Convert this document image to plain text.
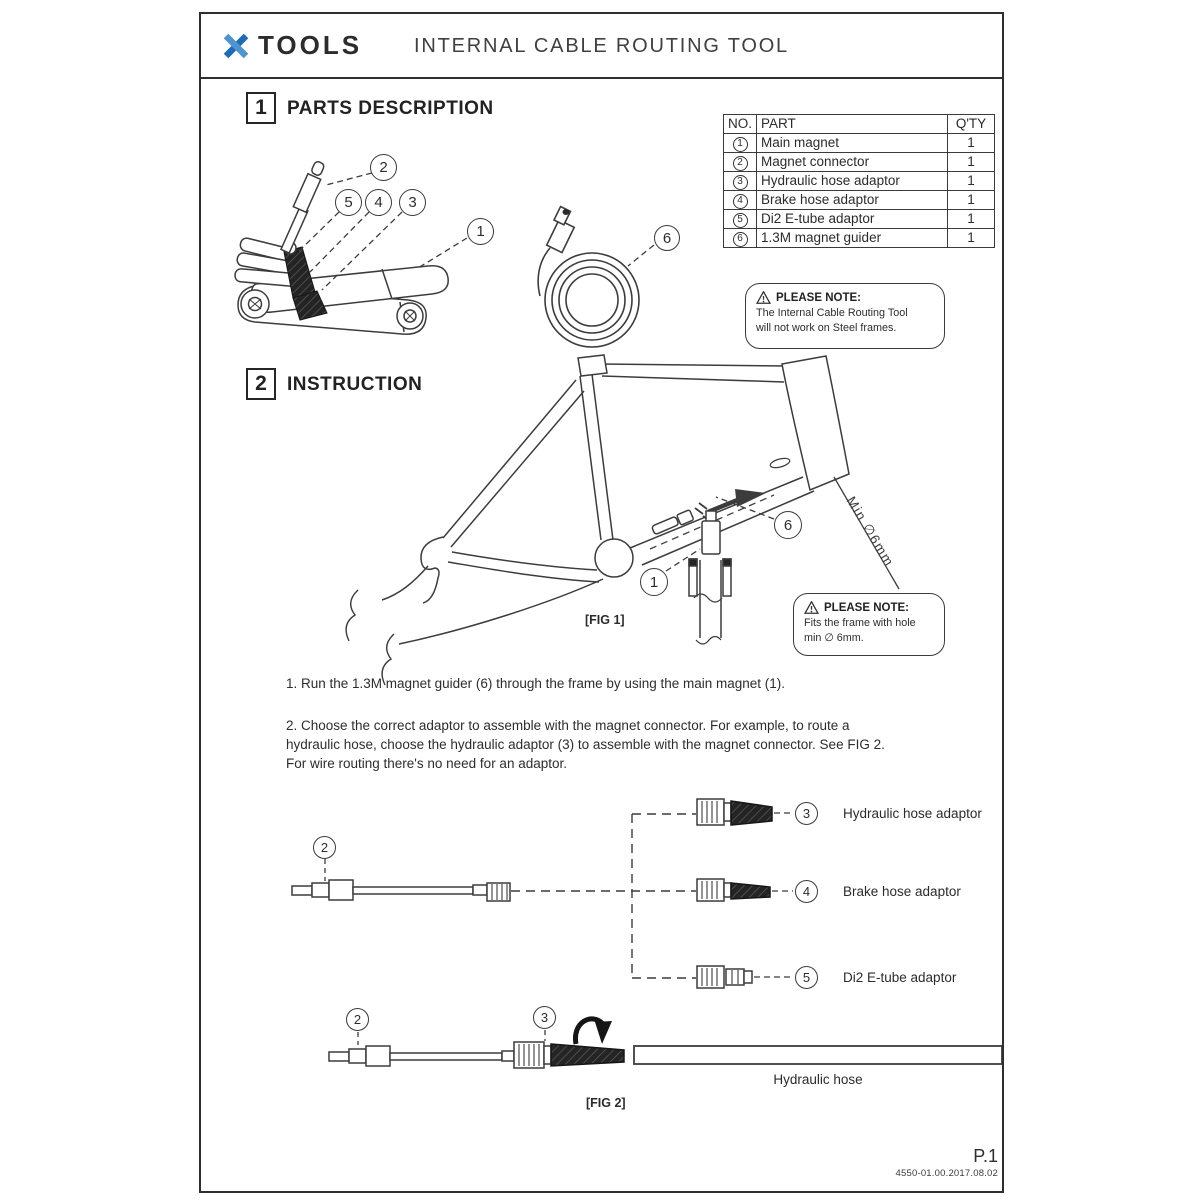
Min ∅6mm
TOOLS	INTERNAL CABLE ROUTING TOOL
1	PARTS DESCRIPTION
NO.	PART	Q'TY
1	Main magnet	1
2	Magnet connector	1
3	Hydraulic hose adaptor	1
4	Brake hose adaptor	1
5	Di2 E-tube adaptor	1
6	1.3M magnet guider	1
2
5	4	3
1	6
PLEASE NOTE:
The Internal Cable Routing Tool
will not work on Steel frames.
2	INSTRUCTION
6
1
[FIG 1]
PLEASE NOTE:
Fits the frame with hole
min ∅ 6mm.
1. Run the 1.3M magnet guider (6) through the frame by using the main magnet (1).
2. Choose the correct adaptor to assemble with the magnet connector. For example, to route a
hydraulic hose, choose the hydraulic adaptor (3) to assemble with the magnet connector. See FIG 2.
For wire routing there's no need for an adaptor.
2
3
4
5
Hydraulic hose adaptor
Brake hose adaptor
Di2 E-tube adaptor
2	3
Hydraulic hose
[FIG 2]
P.1
4550-01.00.2017.08.02
